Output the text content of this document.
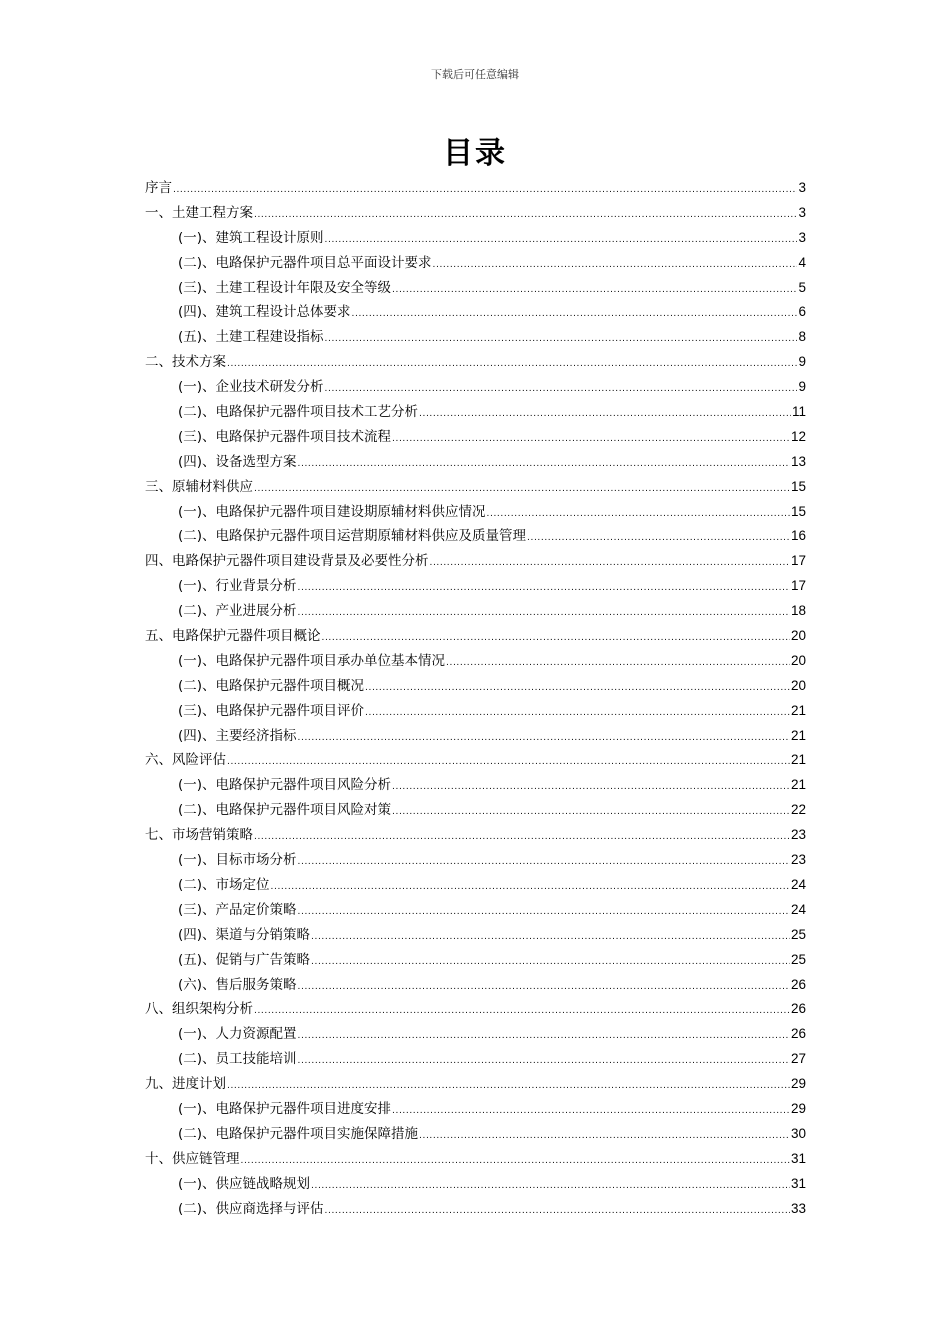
下载后可任意编辑
目录
序言 .....	3
一、土建工程方案 .....	3
(一)、建筑工程设计原则 .....	3
(二)、电路保护元器件项目总平面设计要求 .....	4
(三)、土建工程设计年限及安全等级 .....	5
(四)、建筑工程设计总体要求 .....	6
(五)、土建工程建设指标 .....	8
二、技术方案 .....	9
(一)、企业技术研发分析 .....	9
(二)、电路保护元器件项目技术工艺分析 .....	11
(三)、电路保护元器件项目技术流程 .....	12
(四)、设备选型方案 .....	13
三、原辅材料供应 .....	15
(一)、电路保护元器件项目建设期原辅材料供应情况 .....	15
(二)、电路保护元器件项目运营期原辅材料供应及质量管理 .....	16
四、电路保护元器件项目建设背景及必要性分析 .....	17
(一)、行业背景分析 .....	17
(二)、产业进展分析 .....	18
五、电路保护元器件项目概论 .....	20
(一)、电路保护元器件项目承办单位基本情况 .....	20
(二)、电路保护元器件项目概况 .....	20
(三)、电路保护元器件项目评价 .....	21
(四)、主要经济指标 .....	21
六、风险评估 .....	21
(一)、电路保护元器件项目风险分析 .....	21
(二)、电路保护元器件项目风险对策 .....	22
七、市场营销策略 .....	23
(一)、目标市场分析 .....	23
(二)、市场定位 .....	24
(三)、产品定价策略 .....	24
(四)、渠道与分销策略 .....	25
(五)、促销与广告策略 .....	25
(六)、售后服务策略 .....	26
八、组织架构分析 .....	26
(一)、人力资源配置 .....	26
(二)、员工技能培训 .....	27
九、进度计划 .....	29
(一)、电路保护元器件项目进度安排 .....	29
(二)、电路保护元器件项目实施保障措施 .....	30
十、供应链管理 .....	31
(一)、供应链战略规划 .....	31
(二)、供应商选择与评估 .....	33
